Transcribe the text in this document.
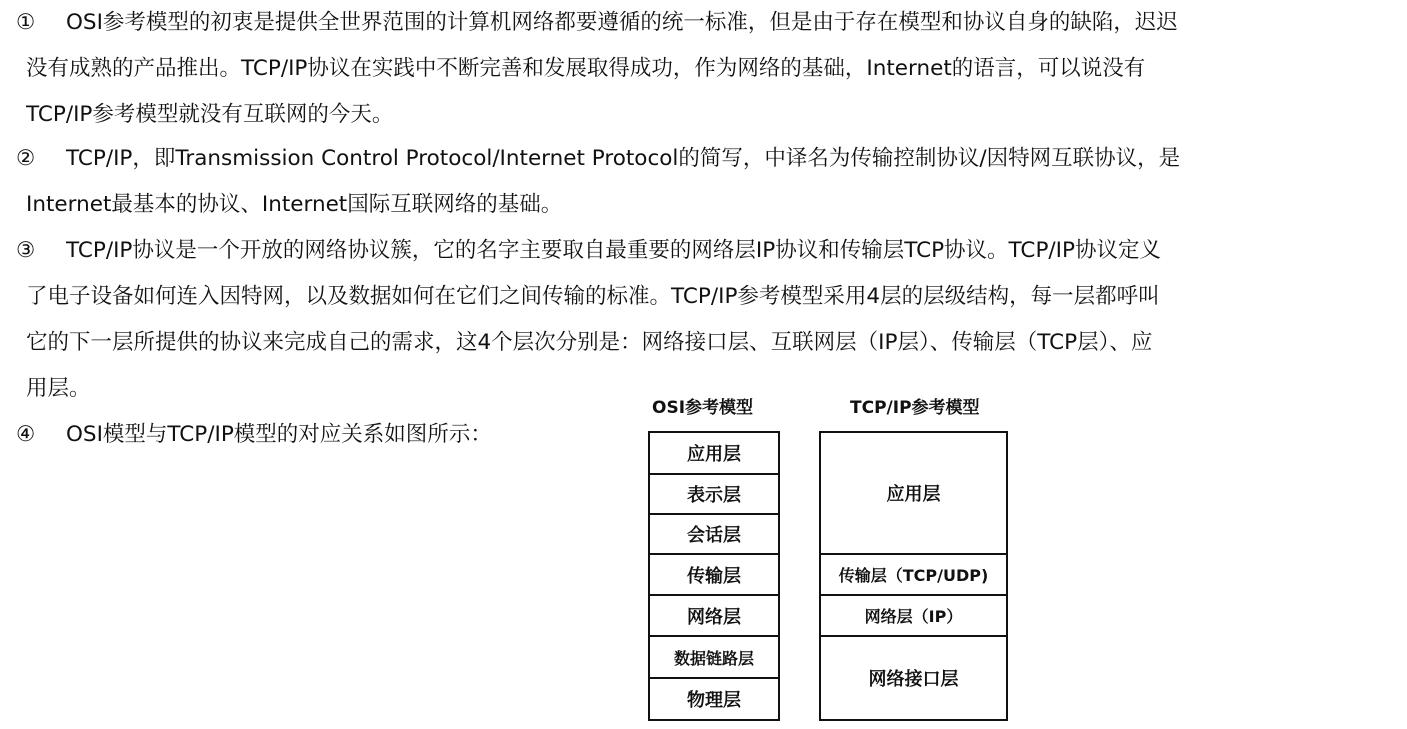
① OSI参考模型的初衷是提供全世界范围的计算机网络都要遵循的统一标准，但是由于存在模型和协议自身的缺陷，迟迟
没有成熟的产品推出。TCP/IP协议在实践中不断完善和发展取得成功，作为网络的基础，Internet的语言，可以说没有
TCP/IP参考模型就没有互联网的今天。
② TCP/IP，即Transmission Control Protocol/Internet Protocol的简写，中译名为传输控制协议/因特网互联协议，是
Internet最基本的协议、Internet国际互联网络的基础。
③ TCP/IP协议是一个开放的网络协议簇，它的名字主要取自最重要的网络层IP协议和传输层TCP协议。TCP/IP协议定义
了电子设备如何连入因特网，以及数据如何在它们之间传输的标准。TCP/IP参考模型采用4层的层级结构，每一层都呼叫
它的下一层所提供的协议来完成自己的需求，这4个层次分别是：网络接口层、互联网层（IP层）、传输层（TCP层）、应
用层。
④ OSI模型与TCP/IP模型的对应关系如图所示：
OSI参考模型	TCP/IP参考模型
应用层
表示层
会话层
传输层
网络层
数据链路层
物理层
应用层
传输层（TCP/UDP)
网络层（IP）
网络接口层
